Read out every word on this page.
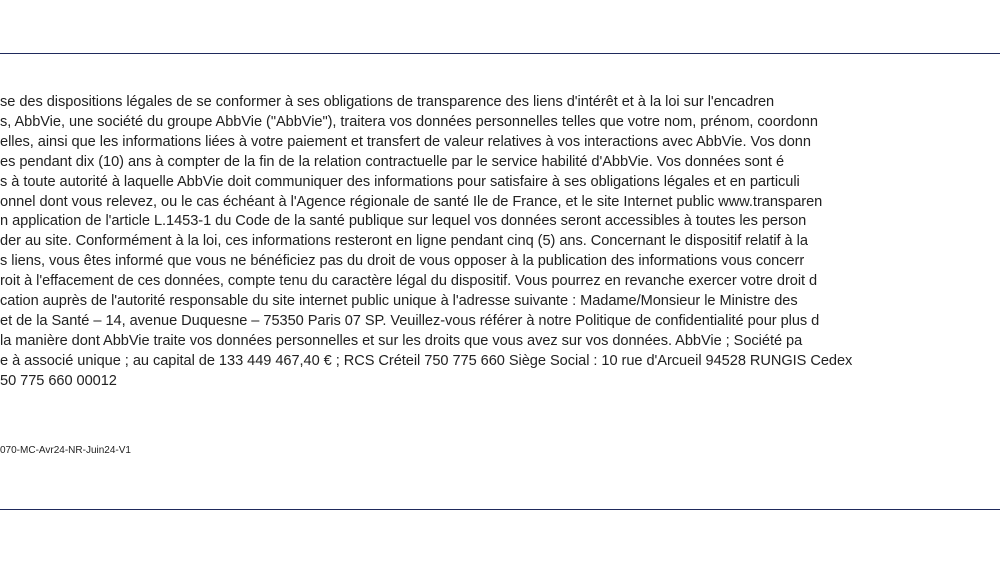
se des dispositions légales de se conformer à ses obligations de transparence des liens d'intérêt et à la loi sur l'encadren
s, AbbVie, une société du groupe AbbVie ("AbbVie"), traitera vos données personnelles telles que votre nom, prénom, coordonn
elles, ainsi que les informations liées à votre paiement et transfert de valeur relatives à vos interactions avec AbbVie. Vos donn
es pendant dix (10) ans à compter de la fin de la relation contractuelle par le service habilité d'AbbVie. Vos données sont é
s à toute autorité à laquelle AbbVie doit communiquer des informations pour satisfaire à ses obligations légales et en particuli
onnel dont vous relevez, ou le cas échéant à l'Agence régionale de santé Ile de France, et le site Internet public www.transparen
n application de l'article L.1453-1 du Code de la santé publique sur lequel vos données seront accessibles à toutes les person
der au site. Conformément à la loi, ces informations resteront en ligne pendant cinq (5) ans. Concernant le dispositif relatif à la
s liens, vous êtes informé que vous ne bénéficiez pas du droit de vous opposer à la publication des informations vous concerr
roit à l'effacement de ces données, compte tenu du caractère légal du dispositif. Vous pourrez en revanche exercer votre droit d
cation auprès de l'autorité responsable du site internet public unique à l'adresse suivante : Madame/Monsieur le Ministre des
et de la Santé – 14, avenue Duquesne – 75350 Paris 07 SP. Veuillez-vous référer à notre Politique de confidentialité pour plus d
la manière dont AbbVie traite vos données personnelles et sur les droits que vous avez sur vos données. AbbVie ; Société pa
e à associé unique ; au capital de 133 449 467,40 € ; RCS Créteil 750 775 660 Siège Social : 10 rue d'Arcueil 94528 RUNGIS Cedex
50 775 660 00012
070-MC-Avr24-NR-Juin24-V1
